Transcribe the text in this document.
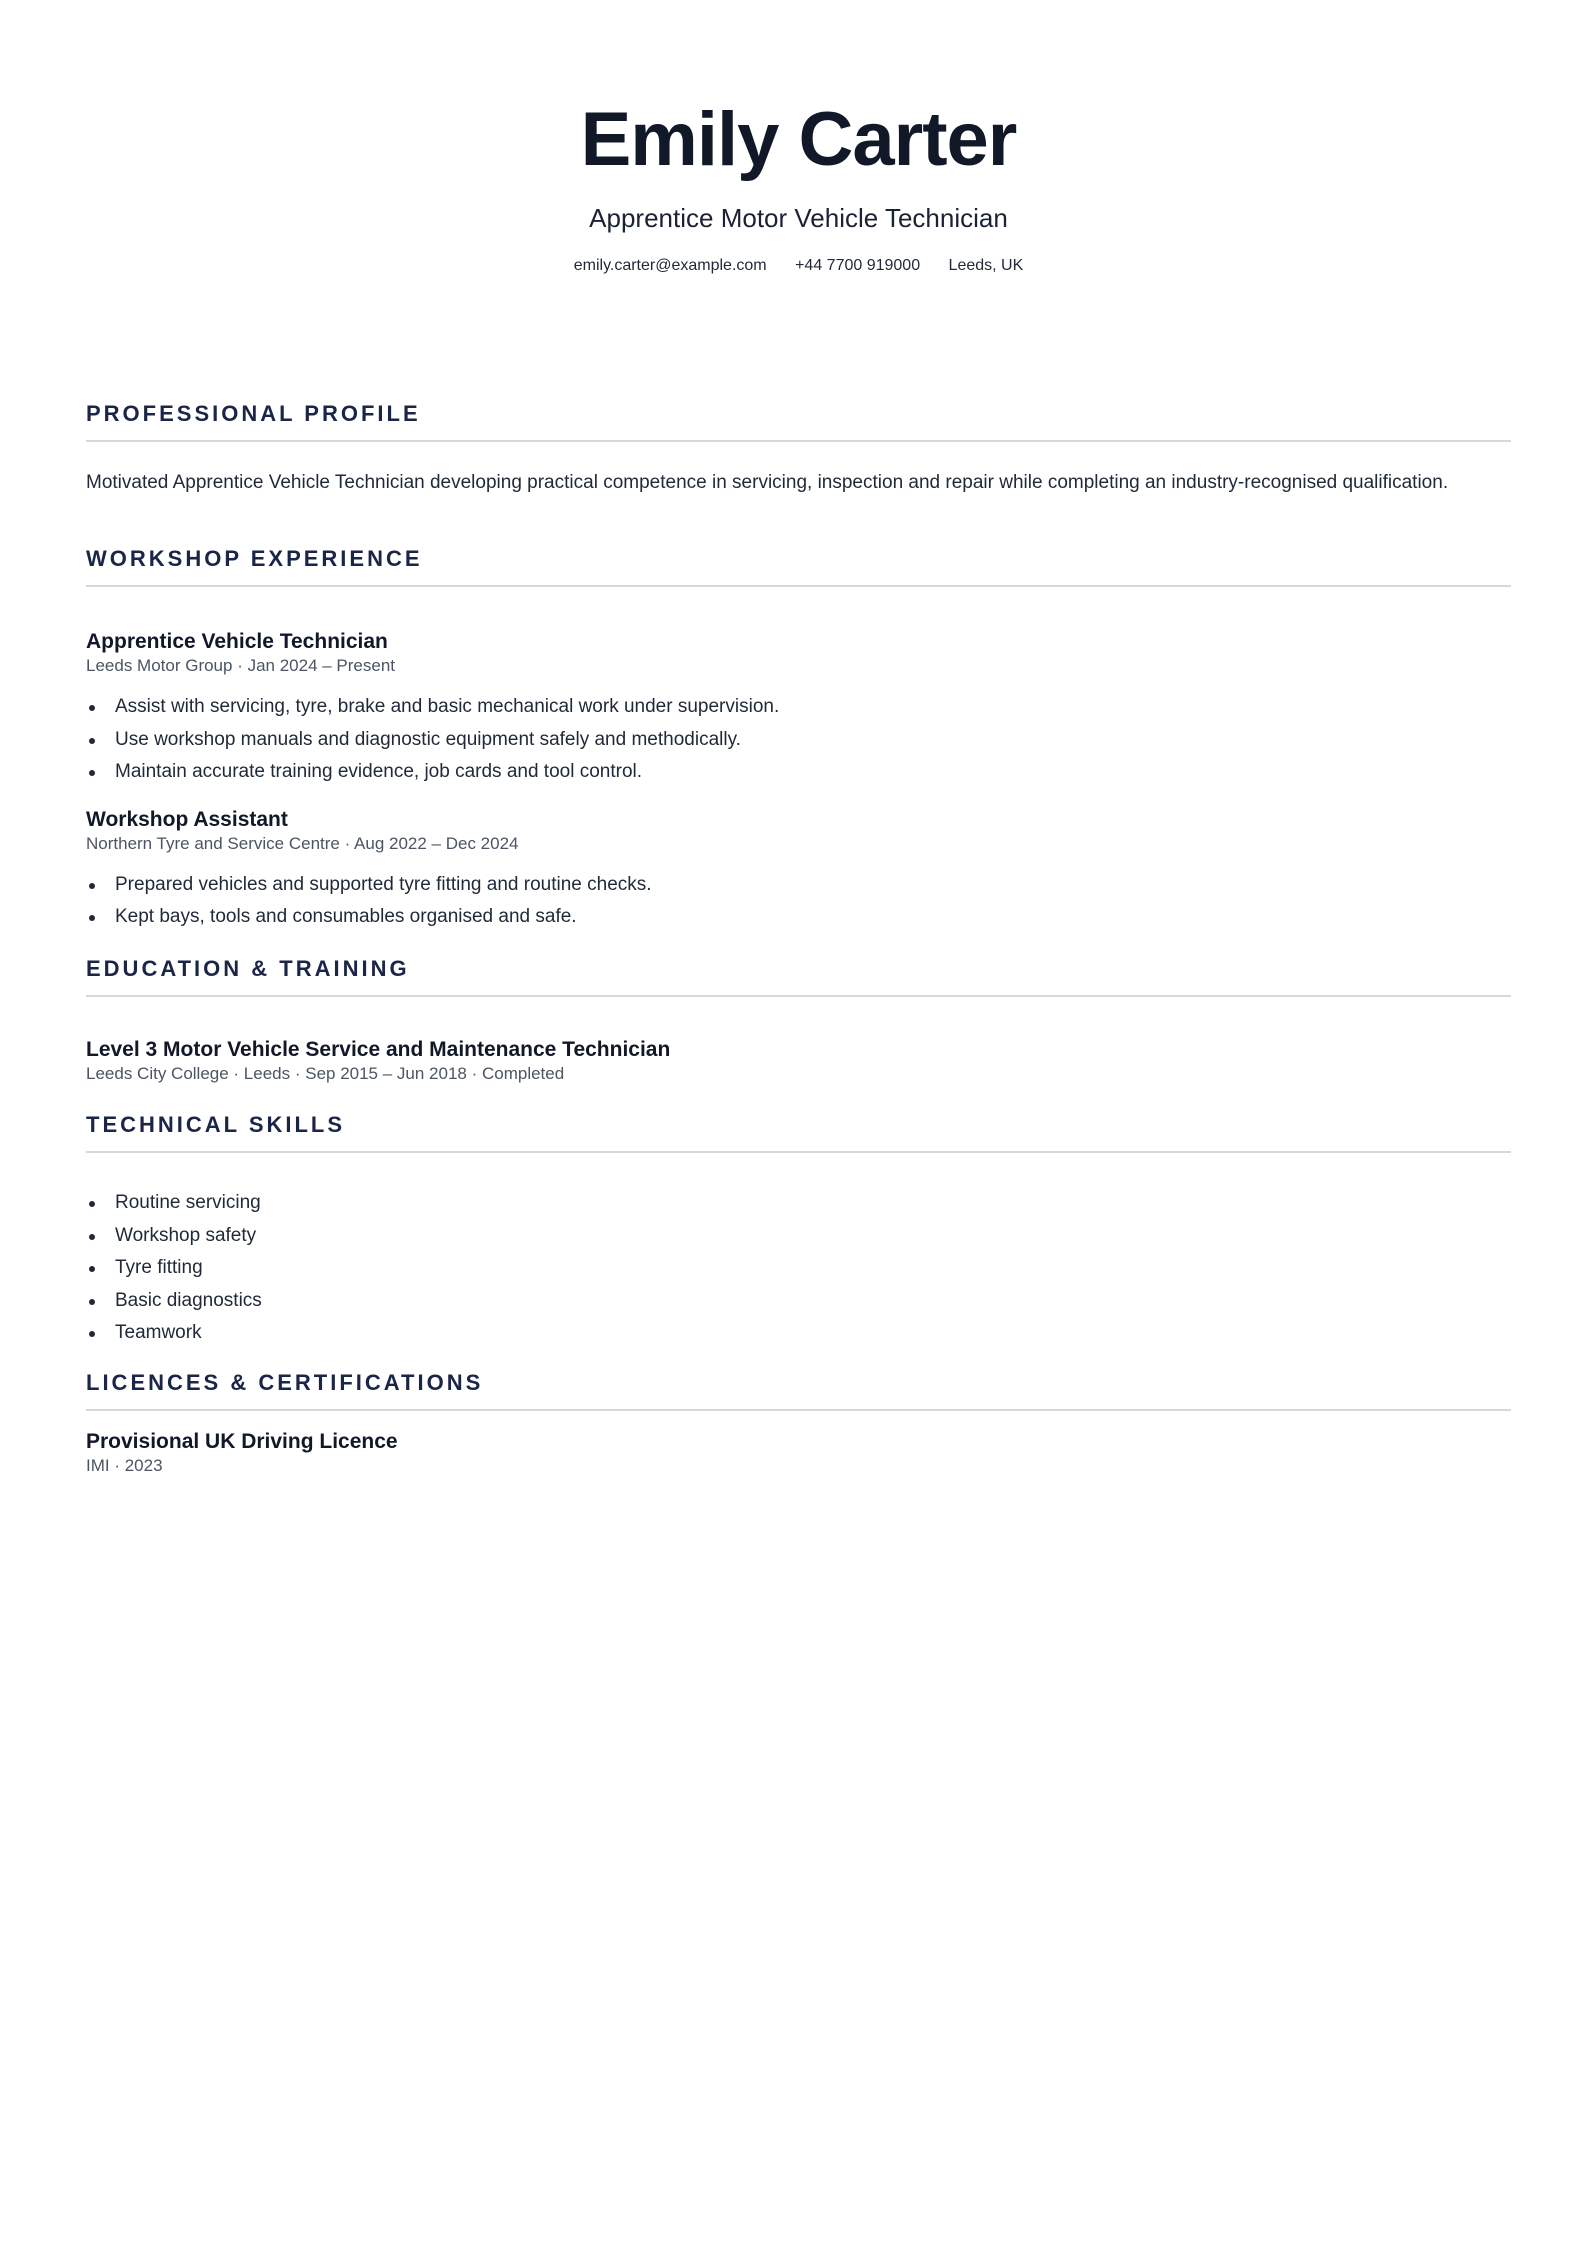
Emily Carter
Apprentice Motor Vehicle Technician
emily.carter@example.com +44 7700 919000 Leeds, UK
PROFESSIONAL PROFILE
Motivated Apprentice Vehicle Technician developing practical competence in servicing, inspection and repair while completing an industry-recognised qualification.
WORKSHOP EXPERIENCE
Apprentice Vehicle Technician
Leeds Motor Group · Jan 2024 – Present
Assist with servicing, tyre, brake and basic mechanical work under supervision.
Use workshop manuals and diagnostic equipment safely and methodically.
Maintain accurate training evidence, job cards and tool control.
Workshop Assistant
Northern Tyre and Service Centre · Aug 2022 – Dec 2024
Prepared vehicles and supported tyre fitting and routine checks.
Kept bays, tools and consumables organised and safe.
EDUCATION & TRAINING
Level 3 Motor Vehicle Service and Maintenance Technician
Leeds City College · Leeds · Sep 2015 – Jun 2018 · Completed
TECHNICAL SKILLS
Routine servicing
Workshop safety
Tyre fitting
Basic diagnostics
Teamwork
LICENCES & CERTIFICATIONS
Provisional UK Driving Licence
IMI · 2023
